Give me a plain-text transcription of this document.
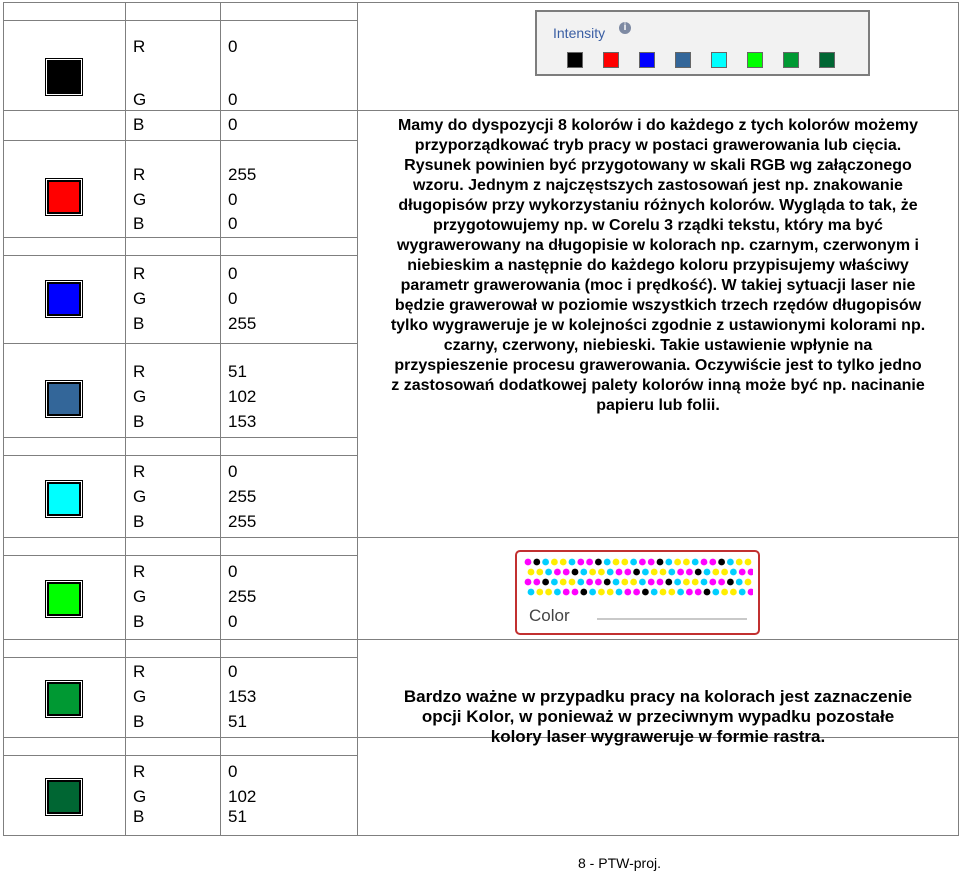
R	0
G	0
B	0
R	255
G	0
B	0
R	0
G	0
B	255
R	51
G	102
B	153
R	0
G	255
B	255
R	0
G	255
B	0
R	0
G	153
B	51
R	0
G	102
B	51
Intensity	i

Mamy do dyspozycji 8 kolorów i do każdego z tych kolorów możemy

przyporządkować tryb pracy w postaci grawerowania lub cięcia.

Rysunek powinien być przygotowany w skali RGB wg załączonego

wzoru. Jednym z najczęstszych zastosowań jest np. znakowanie

długopisów przy wykorzystaniu różnych kolorów. Wygląda to tak, że

przygotowujemy np. w Corelu 3 rządki tekstu, który ma być

wygrawerowany na długopisie w kolorach np. czarnym, czerwonym i

niebieskim a następnie do każdego koloru przypisujemy właściwy

parametr grawerowania (moc i prędkość). W takiej sytuacji laser nie

będzie grawerował w poziomie wszystkich trzech rzędów długopisów

tylko wygraweruje je w kolejności zgodnie z ustawionymi kolorami np.

czarny, czerwony, niebieski. Takie ustawienie wpłynie na

przyspieszenie procesu grawerowania. Oczywiście jest to tylko jedno

z zastosowań dodatkowej palety kolorów inną może być np. nacinanie

papieru lub folii.

Color

Bardzo ważne w przypadku pracy na kolorach jest zaznaczenie

opcji Kolor, w ponieważ w przeciwnym wypadku pozostałe

kolory laser wygraweruje w formie rastra.

8 - PTW-proj.
